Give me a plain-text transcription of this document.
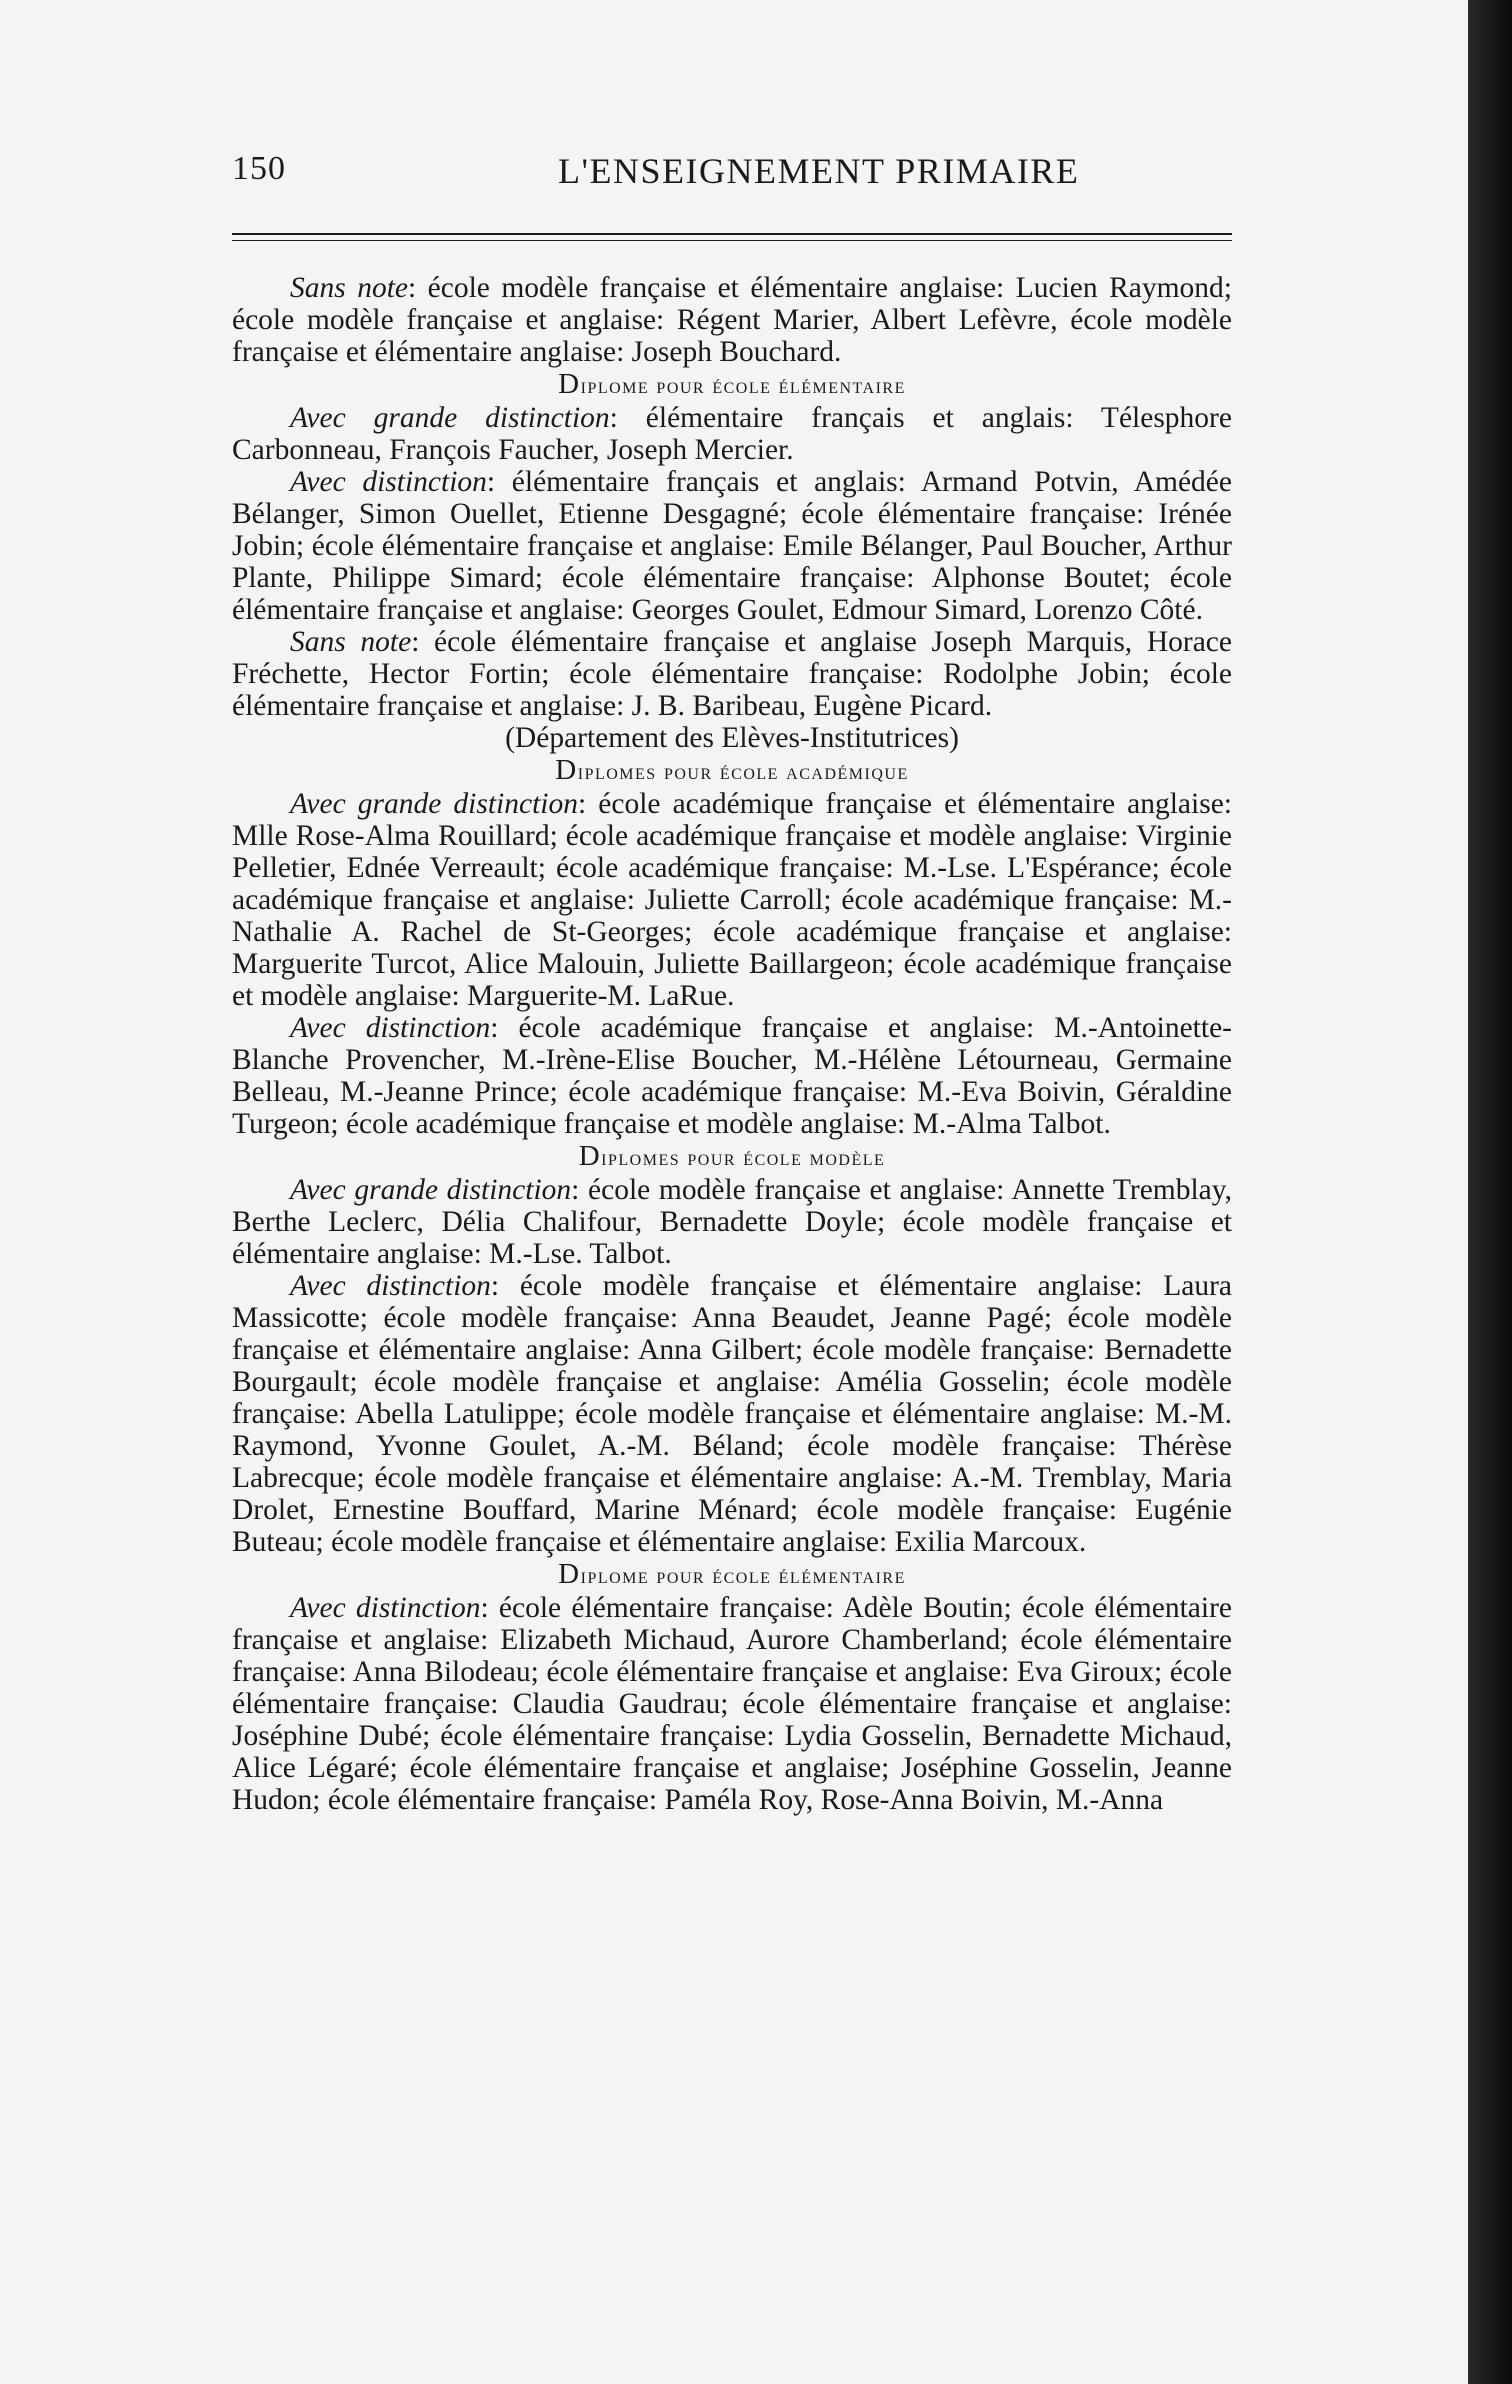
150	L'ENSEIGNEMENT PRIMAIRE

Sans note: école modèle française et élémentaire anglaise: Lucien Raymond; école modèle française et anglaise: Régent Marier, Albert Lefèvre, école modèle française et élémentaire anglaise: Joseph Bouchard.

Diplome pour école élémentaire

Avec grande distinction: élémentaire français et anglais: Télesphore Carbonneau, François Faucher, Joseph Mercier.

Avec distinction: élémentaire français et anglais: Armand Potvin, Amédée Bélanger, Simon Ouellet, Etienne Desgagné; école élémentaire française: Irénée Jobin; école élémentaire française et anglaise: Emile Bélanger, Paul Boucher, Arthur Plante, Philippe Simard; école élémentaire française: Alphonse Boutet; école élémentaire française et anglaise: Georges Goulet, Edmour Simard, Lorenzo Côté.

Sans note: école élémentaire française et anglaise Joseph Marquis, Horace Fréchette, Hector Fortin; école élémentaire française: Rodolphe Jobin; école élémentaire française et anglaise: J. B. Baribeau, Eugène Picard.

(Département des Elèves-Institutrices)

Diplomes pour école académique

Avec grande distinction: école académique française et élémentaire anglaise: Mlle Rose-Alma Rouillard; école académique française et modèle anglaise: Virginie Pelletier, Ednée Verreault; école académique française: M.-Lse. L'Espérance; école académique française et anglaise: Juliette Carroll; école académique française: M.-Nathalie A. Rachel de St-Georges; école académique française et anglaise: Marguerite Turcot, Alice Malouin, Juliette Baillargeon; école académique française et modèle anglaise: Marguerite-M. LaRue.

Avec distinction: école académique française et anglaise: M.-Antoinette-Blanche Provencher, M.-Irène-Elise Boucher, M.-Hélène Létourneau, Germaine Belleau, M.-Jeanne Prince; école académique française: M.-Eva Boivin, Géraldine Turgeon; école académique française et modèle anglaise: M.-Alma Talbot.

Diplomes pour école modèle

Avec grande distinction: école modèle française et anglaise: Annette Tremblay, Berthe Leclerc, Délia Chalifour, Bernadette Doyle; école modèle française et élémentaire anglaise: M.-Lse. Talbot.

Avec distinction: école modèle française et élémentaire anglaise: Laura Massicotte; école modèle française: Anna Beaudet, Jeanne Pagé; école modèle française et élémentaire anglaise: Anna Gilbert; école modèle française: Bernadette Bourgault; école modèle française et anglaise: Amélia Gosselin; école modèle française: Abella Latulippe; école modèle française et élémentaire anglaise: M.-M. Raymond, Yvonne Goulet, A.-M. Béland; école modèle française: Thérèse Labrecque; école modèle française et élémentaire anglaise: A.-M. Tremblay, Maria Drolet, Ernestine Bouffard, Marine Ménard; école modèle française: Eugénie Buteau; école modèle française et élémentaire anglaise: Exilia Marcoux.

Diplome pour école élémentaire

Avec distinction: école élémentaire française: Adèle Boutin; école élémentaire française et anglaise: Elizabeth Michaud, Aurore Chamberland; école élémentaire française: Anna Bilodeau; école élémentaire française et anglaise: Eva Giroux; école élémentaire française: Claudia Gaudrau; école élémentaire française et anglaise: Joséphine Dubé; école élémentaire française: Lydia Gosselin, Bernadette Michaud, Alice Légaré; école élémentaire française et anglaise; Joséphine Gosselin, Jeanne Hudon; école élémentaire française: Paméla Roy, Rose-Anna Boivin, M.-Anna
